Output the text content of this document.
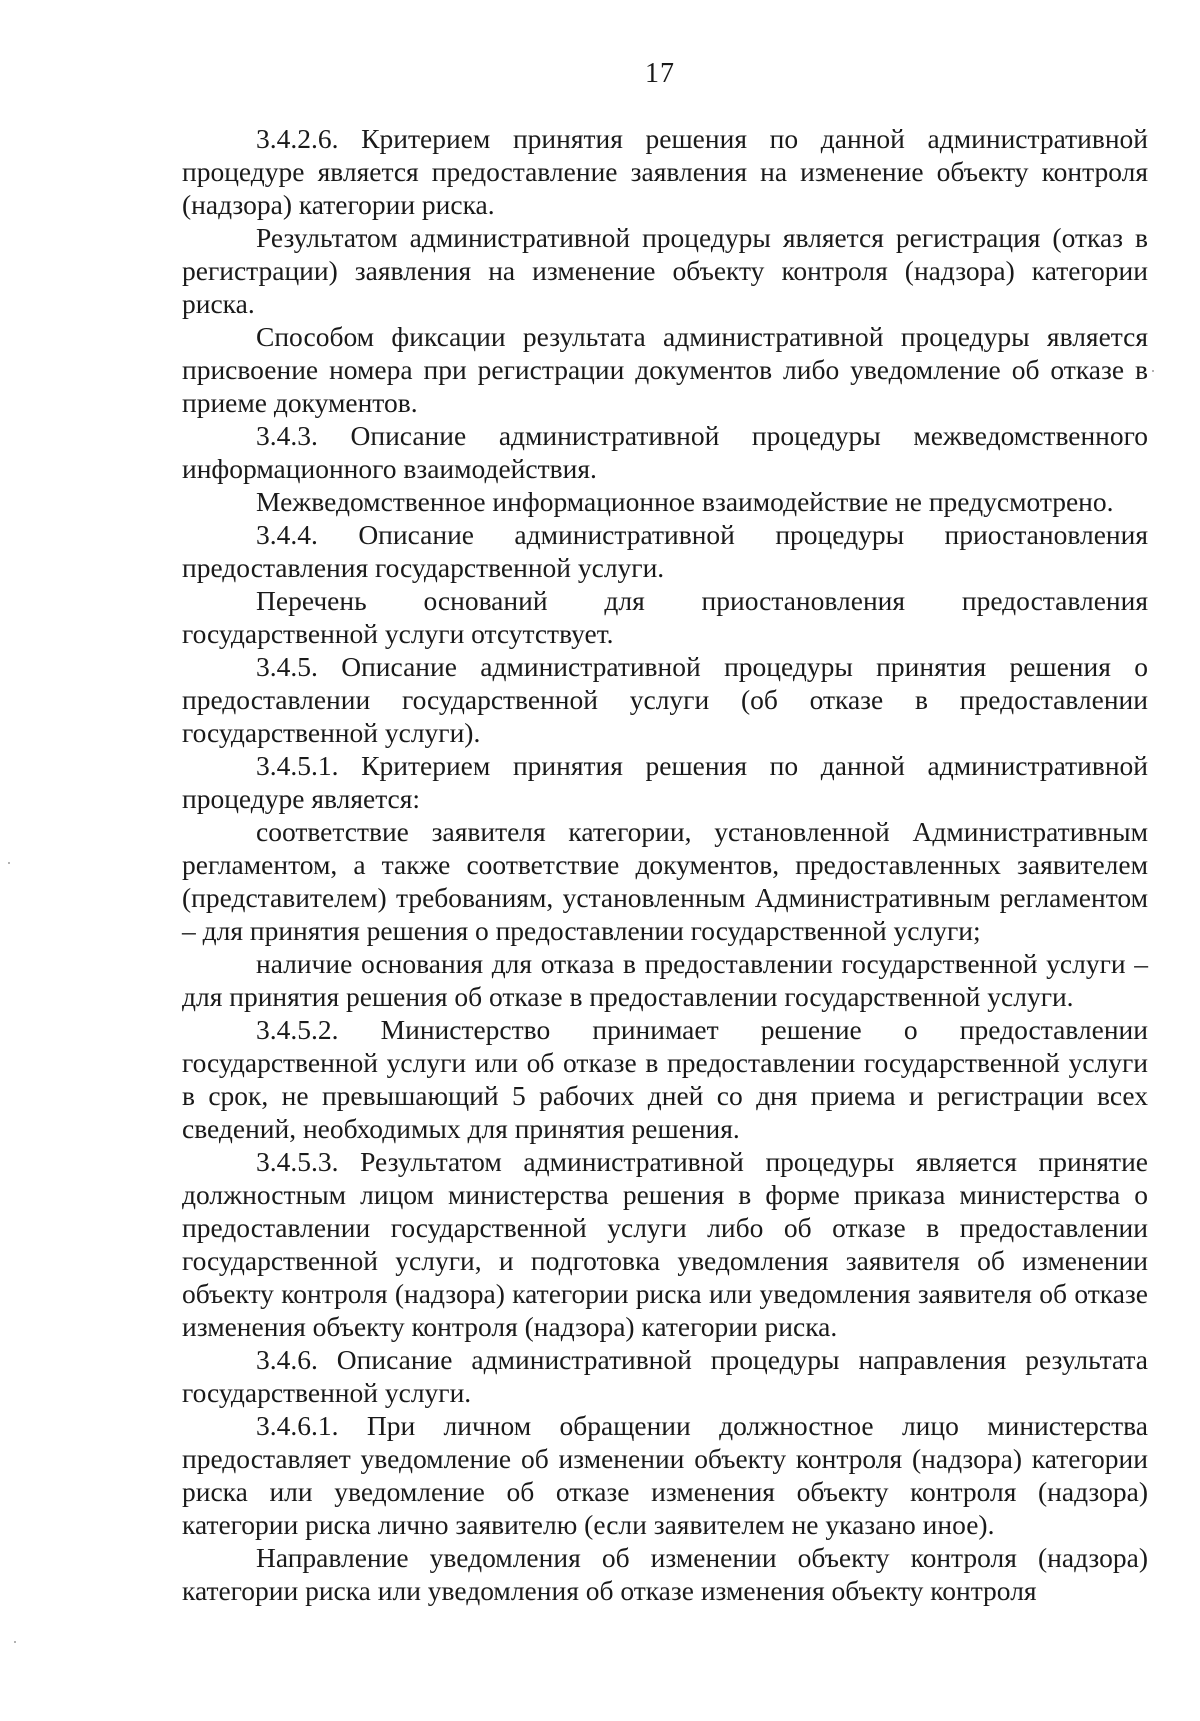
17

3.4.2.6. Критерием принятия решения по данной административной процедуре является предоставление заявления на изменение объекту контроля (надзора) категории риска.

Результатом административной процедуры является регистрация (отказ в регистрации) заявления на изменение объекту контроля (надзора) категории риска.

Способом фиксации результата административной процедуры является присвоение номера при регистрации документов либо уведомление об отказе в приеме документов.

3.4.3. Описание административной процедуры межведомственного информационного взаимодействия.

Межведомственное информационное взаимодействие не предусмотрено.

3.4.4. Описание административной процедуры приостановления предоставления государственной услуги.

Перечень оснований для приостановления предоставления государственной услуги отсутствует.

3.4.5. Описание административной процедуры принятия решения о предоставлении государственной услуги (об отказе в предоставлении государственной услуги).

3.4.5.1. Критерием принятия решения по данной административной процедуре является:

соответствие заявителя категории, установленной Административным регламентом, а также соответствие документов, предоставленных заявителем (представителем) требованиям, установленным Административным регламентом – для принятия решения о предоставлении государственной услуги;

наличие основания для отказа в предоставлении государственной услуги – для принятия решения об отказе в предоставлении государственной услуги.

3.4.5.2. Министерство принимает решение о предоставлении государственной услуги или об отказе в предоставлении государственной услуги в срок, не превышающий 5 рабочих дней со дня приема и регистрации всех сведений, необходимых для принятия решения.

3.4.5.3. Результатом административной процедуры является принятие должностным лицом министерства решения в форме приказа министерства о предоставлении государственной услуги либо об отказе в предоставлении государственной услуги, и подготовка уведомления заявителя об изменении объекту контроля (надзора) категории риска или уведомления заявителя об отказе изменения объекту контроля (надзора) категории риска.

3.4.6. Описание административной процедуры направления результата государственной услуги.

3.4.6.1. При личном обращении должностное лицо министерства предоставляет уведомление об изменении объекту контроля (надзора) категории риска или уведомление об отказе изменения объекту контроля (надзора) категории риска лично заявителю (если заявителем не указано иное).

Направление уведомления об изменении объекту контроля (надзора) категории риска или уведомления об отказе изменения объекту контроля
